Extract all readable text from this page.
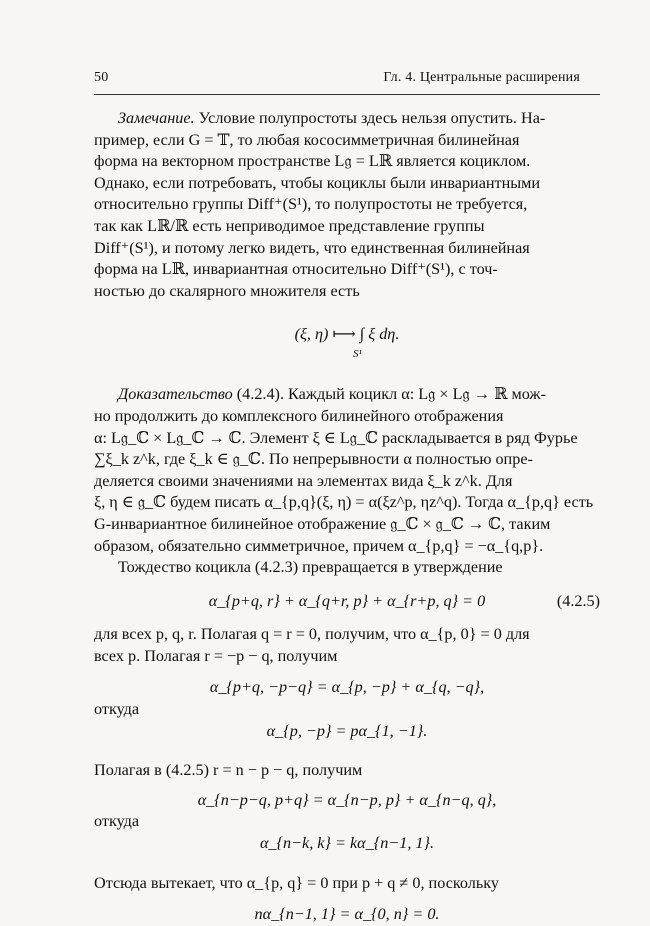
50	Гл. 4. Центральные расширения

Замечание. Условие полупростоты здесь нельзя опустить. На-

пример, если G = 𝕋, то любая кососимметричная билинейная

форма на векторном пространстве L𝔤 = Lℝ является коциклом.

Однако, если потребовать, чтобы коциклы были инвариантными

относительно группы Diff⁺(S¹), то полупростоты не требуется,

так как Lℝ/ℝ есть неприводимое представление группы

Diff⁺(S¹), и потому легко видеть, что единственная билинейная

форма на Lℝ, инвариантная относительно Diff⁺(S¹), с точ-

ностью до скалярного множителя есть

(ξ, η) ⟼ ∫ ξ dη.
S¹

Доказательство (4.2.4). Каждый коцикл α: L𝔤 × L𝔤 → ℝ мож-

но продолжить до комплексного билинейного отображения

α: L𝔤_ℂ × L𝔤_ℂ → ℂ. Элемент ξ ∈ L𝔤_ℂ раскладывается в ряд Фурье

∑ξ_k z^k, где ξ_k ∈ 𝔤_ℂ. По непрерывности α полностью опре-

деляется своими значениями на элементах вида ξ_k z^k. Для

ξ, η ∈ 𝔤_ℂ будем писать α_{p,q}(ξ, η) = α(ξz^p, ηz^q). Тогда α_{p,q} есть

G-инвариантное билинейное отображение 𝔤_ℂ × 𝔤_ℂ → ℂ, таким

образом, обязательно симметричное, причем α_{p,q} = −α_{q,p}.

Тождество коцикла (4.2.3) превращается в утверждение

α_{p+q, r} + α_{q+r, p} + α_{r+p, q} = 0	(4.2.5)

для всех p, q, r. Полагая q = r = 0, получим, что α_{p, 0} = 0 для

всех p. Полагая r = −p − q, получим

α_{p+q, −p−q} = α_{p, −p} + α_{q, −q},

откуда

α_{p, −p} = pα_{1, −1}.

Полагая в (4.2.5) r = n − p − q, получим

α_{n−p−q, p+q} = α_{n−p, p} + α_{n−q, q},

откуда

α_{n−k, k} = kα_{n−1, 1}.

Отсюда вытекает, что α_{p, q} = 0 при p + q ≠ 0, поскольку

nα_{n−1, 1} = α_{0, n} = 0.
